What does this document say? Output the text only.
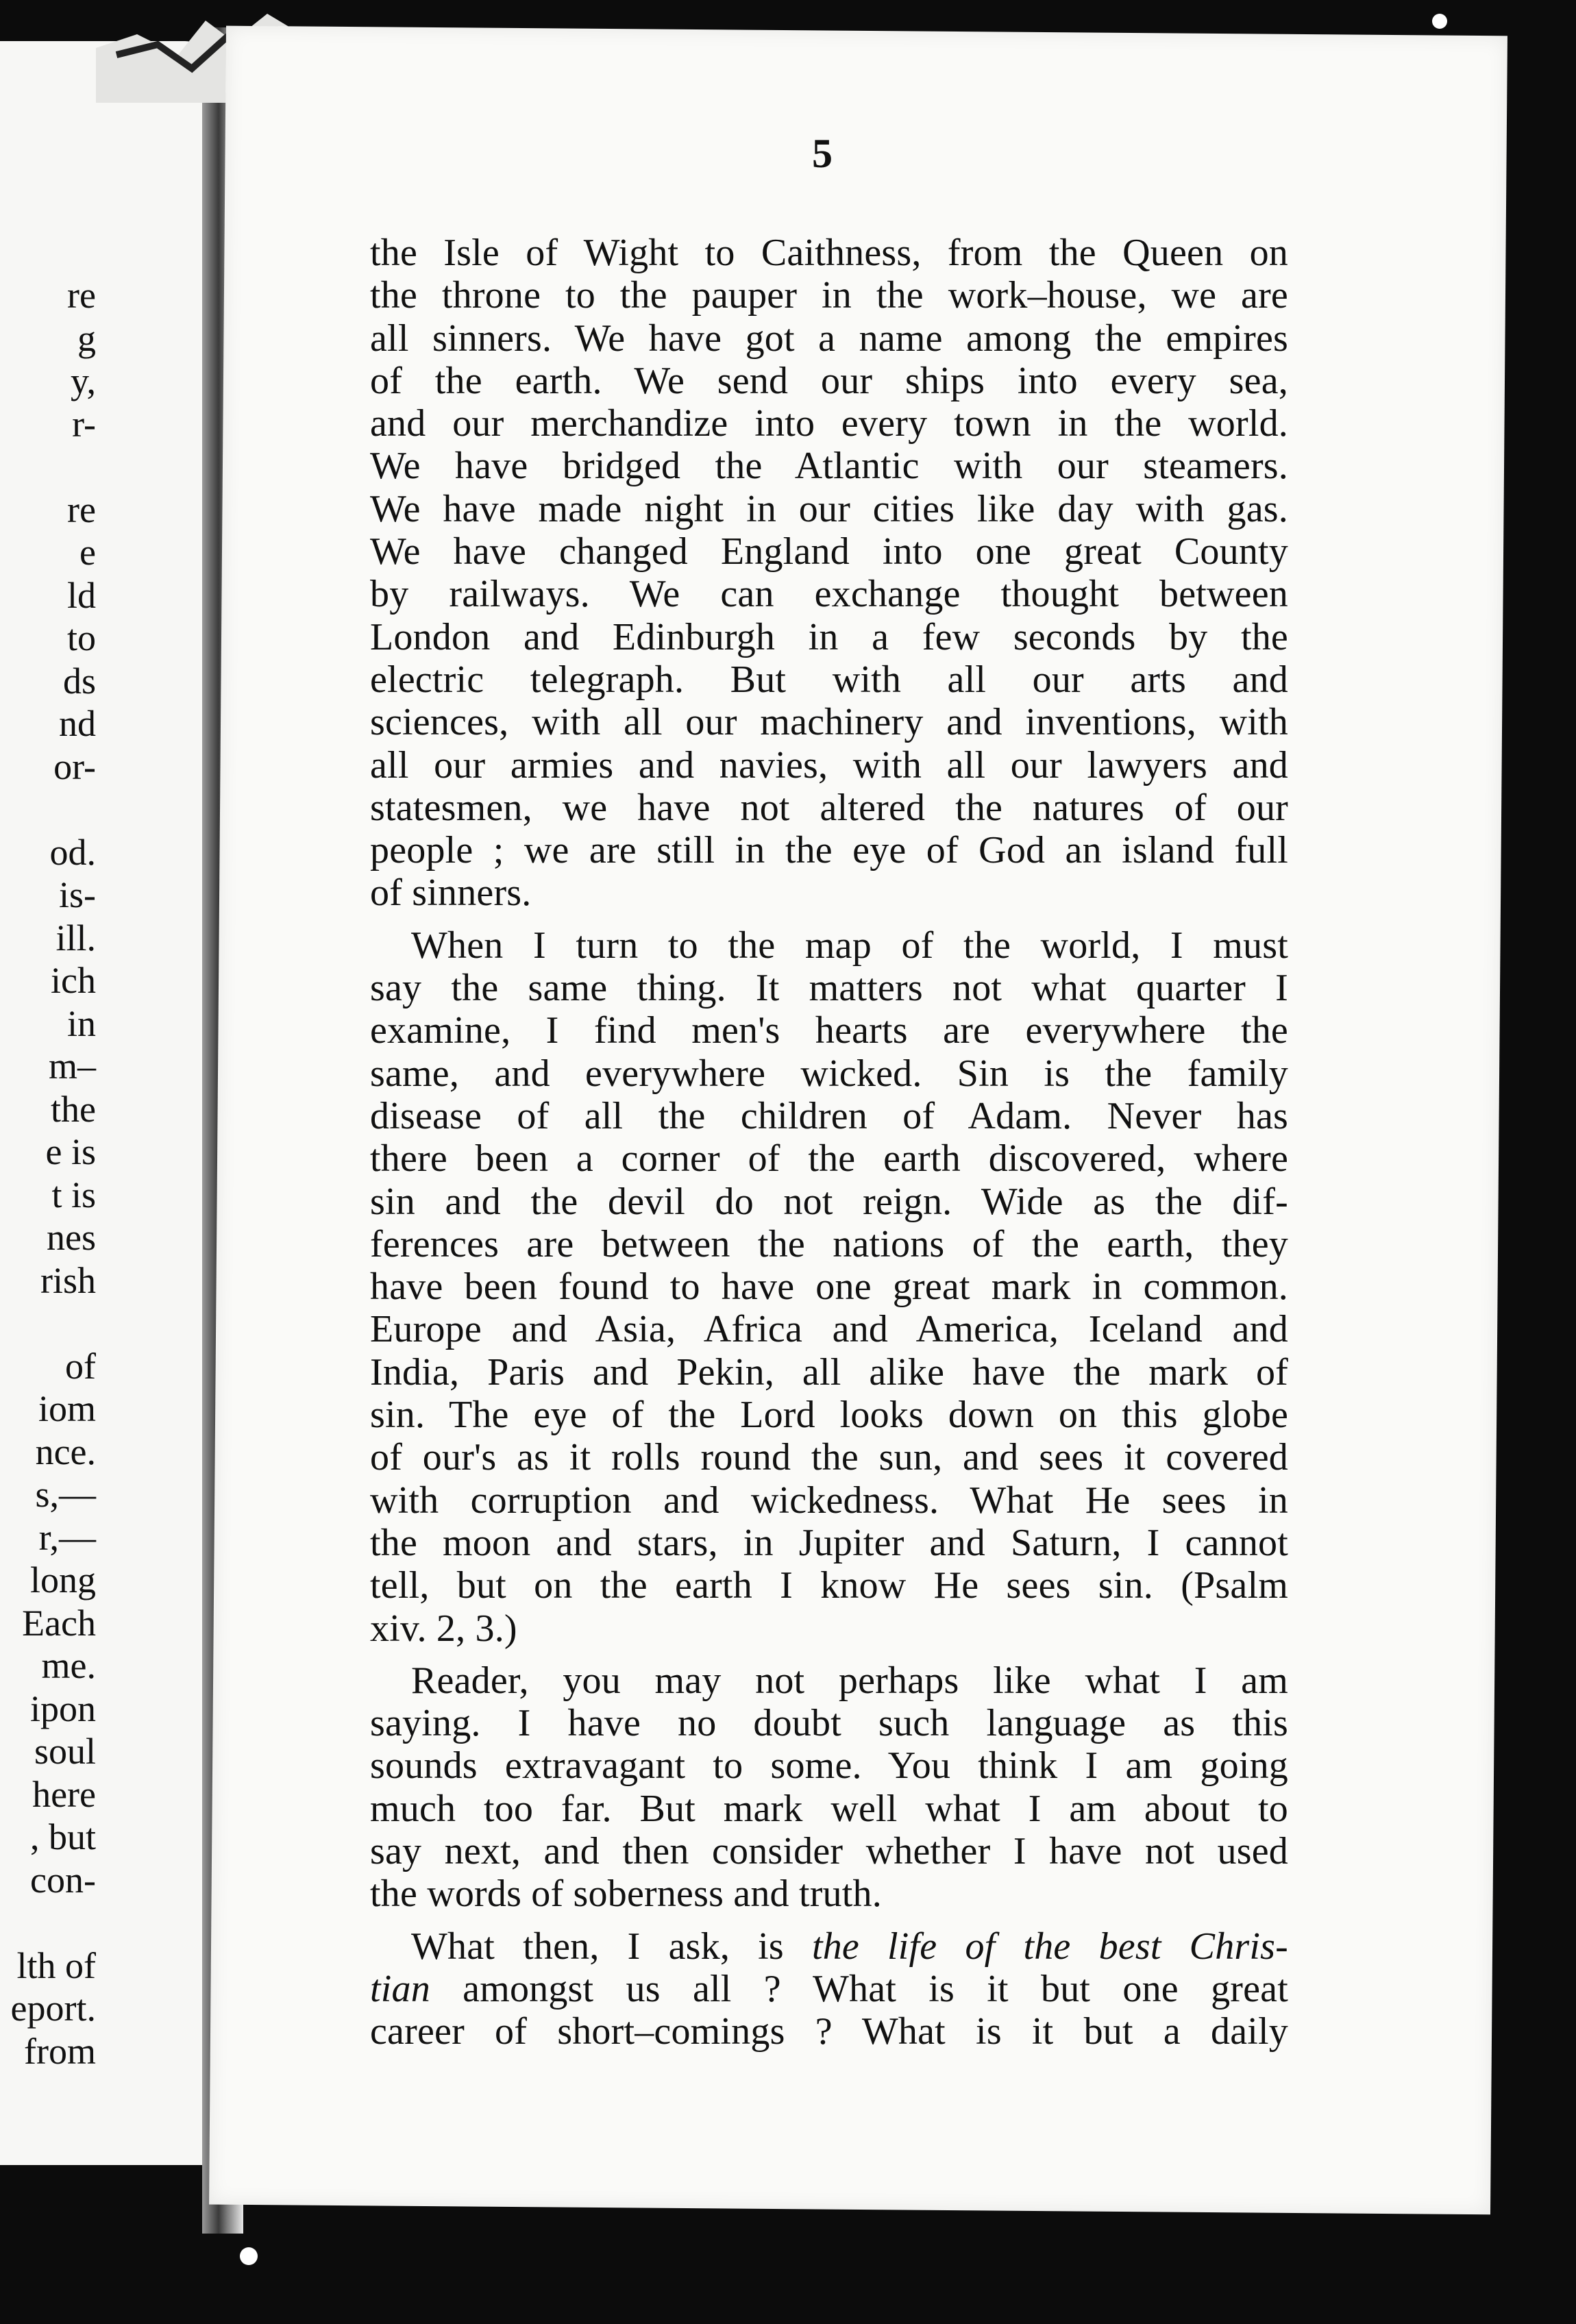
re
g
y,
r-
re
e
ld
to
ds
nd
or-
od.
is-
ill.
ich
in
m–
the
e is
t is
nes
rish
of
iom
nce.
s,—
r,—
long
Each
me.
ipon
soul
here
, but
con-
lth of
eport.
from
5
the Isle of Wight to Caithness, from the Queen on
the throne to the pauper in the work–house, we are
all sinners. We have got a name among the empires
of the earth. We send our ships into every sea,
and our merchandize into every town in the world.
We have bridged the Atlantic with our steamers.
We have made night in our cities like day with gas.
We have changed England into one great County
by railways. We can exchange thought between
London and Edinburgh in a few seconds by the
electric telegraph. But with all our arts and
sciences, with all our machinery and inventions, with
all our armies and navies, with all our lawyers and
statesmen, we have not altered the natures of our
people ; we are still in the eye of God an island full
of sinners.
When I turn to the map of the world, I must
say the same thing. It matters not what quarter I
examine, I find men's hearts are everywhere the
same, and everywhere wicked. Sin is the family
disease of all the children of Adam. Never has
there been a corner of the earth discovered, where
sin and the devil do not reign. Wide as the dif-
ferences are between the nations of the earth, they
have been found to have one great mark in common.
Europe and Asia, Africa and America, Iceland and
India, Paris and Pekin, all alike have the mark of
sin. The eye of the Lord looks down on this globe
of our's as it rolls round the sun, and sees it covered
with corruption and wickedness. What He sees in
the moon and stars, in Jupiter and Saturn, I cannot
tell, but on the earth I know He sees sin. (Psalm
xiv. 2, 3.)
Reader, you may not perhaps like what I am
saying. I have no doubt such language as this
sounds extravagant to some. You think I am going
much too far. But mark well what I am about to
say next, and then consider whether I have not used
the words of soberness and truth.
What then, I ask, is the life of the best Chris-
tian amongst us all ? What is it but one great
career of short–comings ? What is it but a daily
